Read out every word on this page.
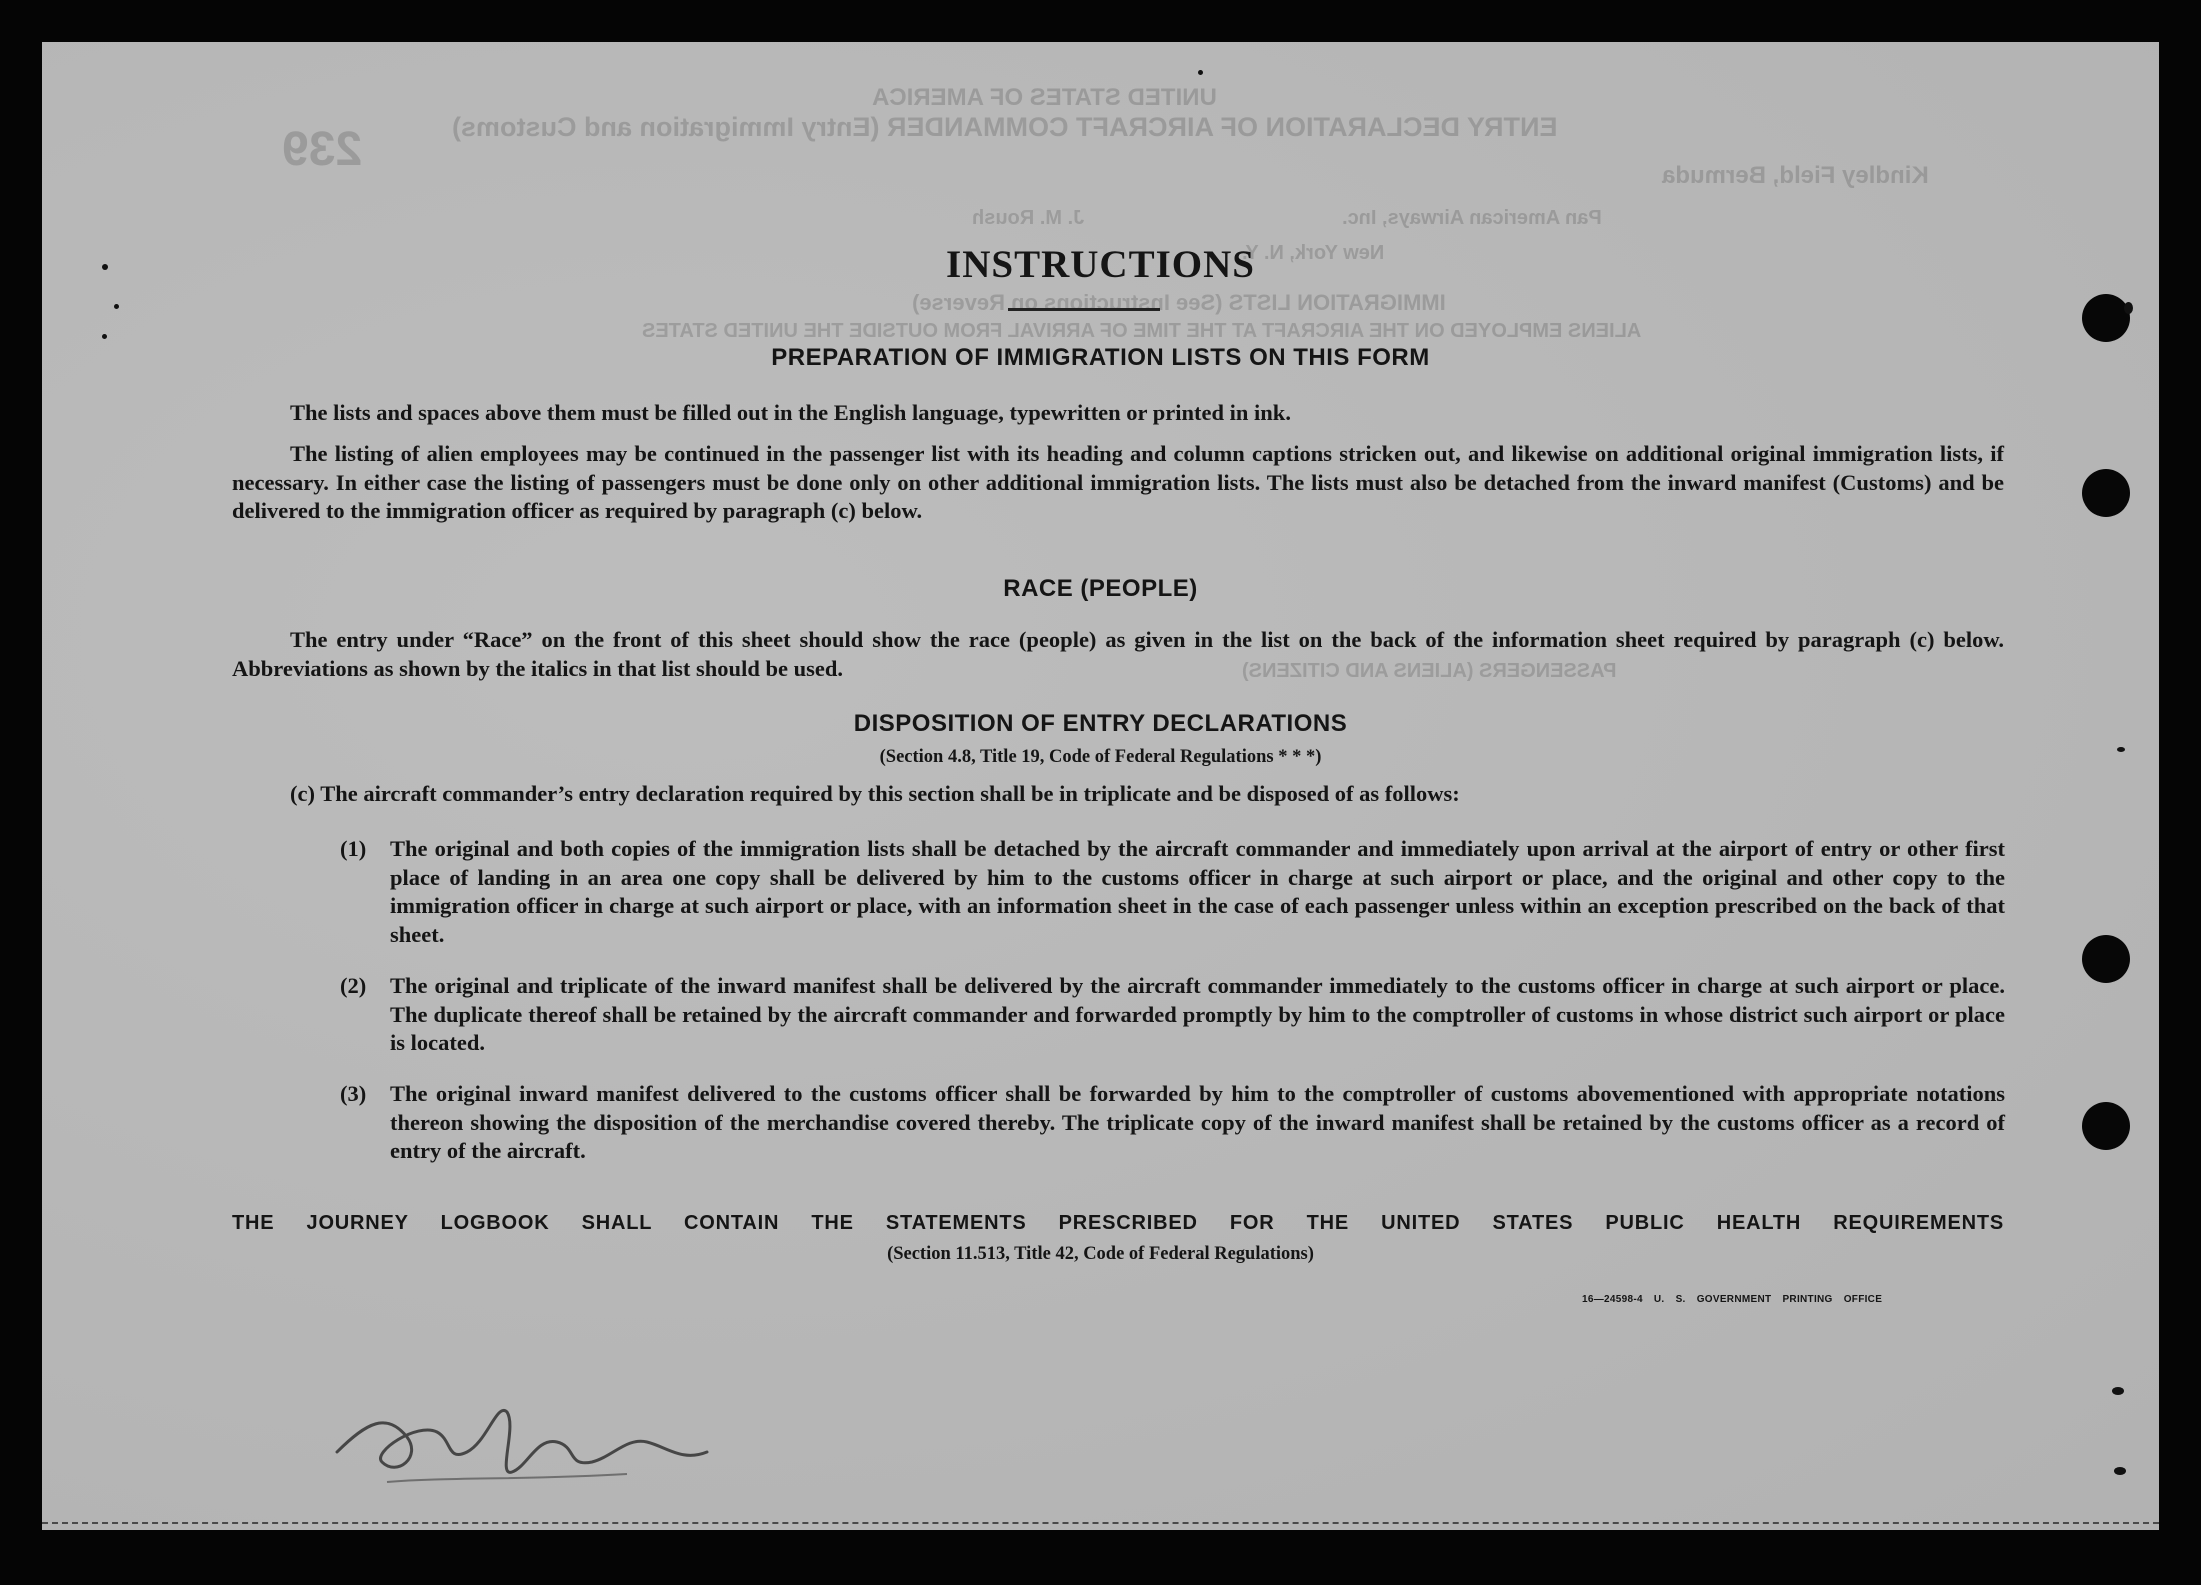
UNITED STATES OF AMERICA
ENTRY DECLARATION OF AIRCRAFT COMMANDER (Entry Immigration and Customs)
239	Kindley Field, Bermuda
Pan American Airways, Inc.
New York, N. Y.
J. M. Roush
IMMIGRATION LISTS (See Instructions on Reverse)
ALIENS EMPLOYED ON THE AIRCRAFT AT THE TIME OF ARRIVAL FROM OUTSIDE THE UNITED STATES
PASSENGERS (ALIENS AND CITIZENS)
INSTRUCTIONS
PREPARATION OF IMMIGRATION LISTS ON THIS FORM
The lists and spaces above them must be filled out in the English language, typewritten or printed in ink.
The listing of alien employees may be continued in the passenger list with its heading and column captions stricken out, and likewise on additional original immigration lists, if necessary. In either case the listing of passengers must be done only on other additional immigration lists. The lists must also be detached from the inward manifest (Customs) and be delivered to the immigration officer as required by paragraph (c) below.
RACE (PEOPLE)
The entry under “Race” on the front of this sheet should show the race (people) as given in the list on the back of the information sheet required by paragraph (c) below. Abbreviations as shown by the italics in that list should be used.
DISPOSITION OF ENTRY DECLARATIONS
(Section 4.8, Title 19, Code of Federal Regulations * * *)
(c) The aircraft commander’s entry declaration required by this section shall be in triplicate and be disposed of as follows:
(1) The original and both copies of the immigration lists shall be detached by the aircraft commander and immediately upon arrival at the airport of entry or other first place of landing in an area one copy shall be delivered by him to the customs officer in charge at such airport or place, and the original and other copy to the immigration officer in charge at such airport or place, with an information sheet in the case of each passenger unless within an exception prescribed on the back of that sheet.
(2) The original and triplicate of the inward manifest shall be delivered by the aircraft commander immediately to the customs officer in charge at such airport or place. The duplicate thereof shall be retained by the aircraft commander and forwarded promptly by him to the comptroller of customs in whose district such airport or place is located.
(3) The original inward manifest delivered to the customs officer shall be forwarded by him to the comptroller of customs abovementioned with appropriate notations thereon showing the disposition of the merchandise covered thereby. The triplicate copy of the inward manifest shall be retained by the customs officer as a record of entry of the aircraft.
THE JOURNEY LOGBOOK SHALL CONTAIN THE STATEMENTS PRESCRIBED FOR THE UNITED STATES PUBLIC HEALTH REQUIREMENTS
(Section 11.513, Title 42, Code of Federal Regulations)
16—24598-4 U. S. GOVERNMENT PRINTING OFFICE
